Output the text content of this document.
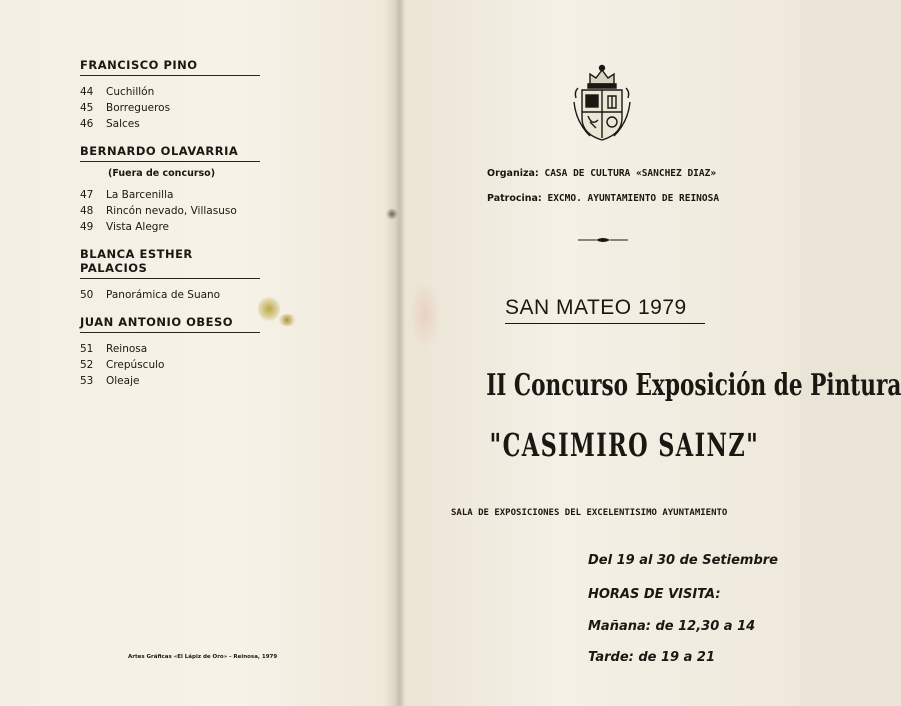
FRANCISCO PINO
44 Cuchillón
45 Borregueros
46 Salces
BERNARDO OLAVARRIA
(Fuera de concurso)
47 La Barcenilla
48 Rincón nevado, Villasuso
49 Vista Alegre
BLANCA ESTHER PALACIOS
50 Panorámica de Suano
JUAN ANTONIO OBESO
51 Reinosa
52 Crepúsculo
53 Oleaje
Artes Gráficas «El Lápiz de Oro» - Reinosa, 1979
Organiza: CASA DE CULTURA «SANCHEZ DIAZ»
Patrocina: EXCMO. AYUNTAMIENTO DE REINOSA
SAN MATEO 1979
II Concurso Exposición de Pintura
"CASIMIRO SAINZ"
SALA DE EXPOSICIONES DEL EXCELENTISIMO AYUNTAMIENTO
Del 19 al 30 de Setiembre
HORAS DE VISITA:
Mañana: de 12,30 a 14
Tarde: de 19 a 21
